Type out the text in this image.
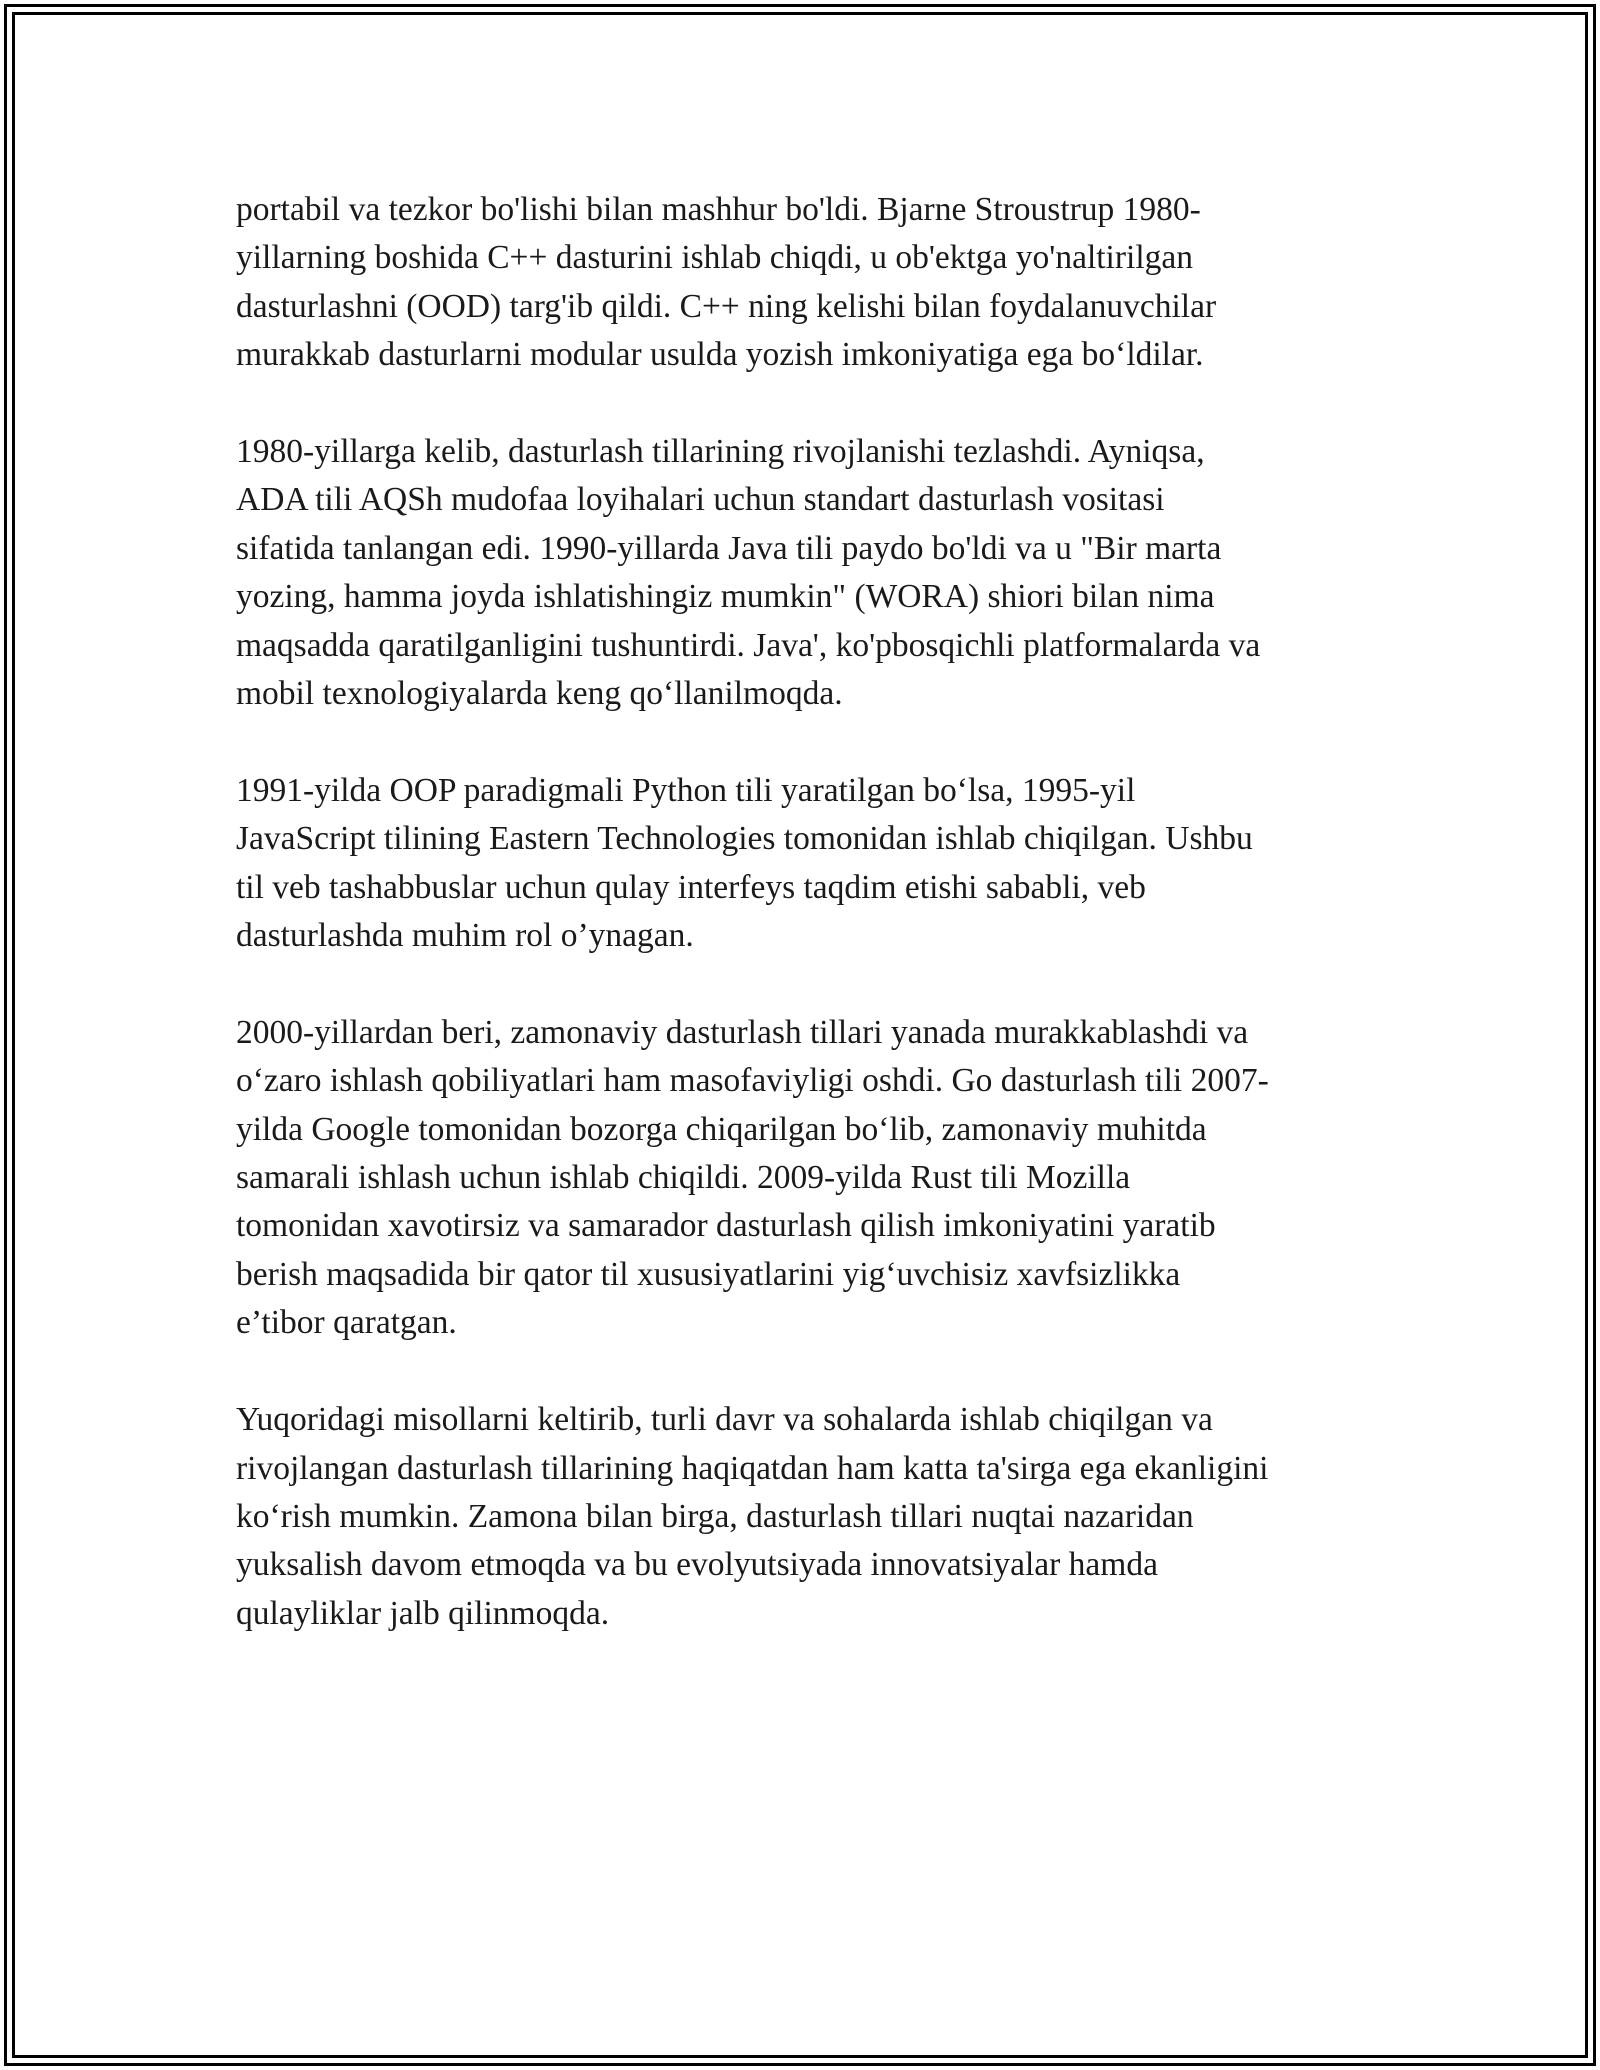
portabil va tezkor bo'lishi bilan mashhur bo'ldi. Bjarne Stroustrup 1980-
yillarning boshida C++ dasturini ishlab chiqdi, u ob'ektga yo'naltirilgan
dasturlashni (OOD) targ'ib qildi. C++ ning kelishi bilan foydalanuvchilar
murakkab dasturlarni modular usulda yozish imkoniyatiga ega bo‘ldilar.

1980-yillarga kelib, dasturlash tillarining rivojlanishi tezlashdi. Ayniqsa,
ADA tili AQSh mudofaa loyihalari uchun standart dasturlash vositasi
sifatida tanlangan edi. 1990-yillarda Java tili paydo bo'ldi va u "Bir marta
yozing, hamma joyda ishlatishingiz mumkin" (WORA) shiori bilan nima
maqsadda qaratilganligini tushuntirdi. Java', ko'pbosqichli platformalarda va
mobil texnologiyalarda keng qo‘llanilmoqda.

1991-yilda OOP paradigmali Python tili yaratilgan bo‘lsa, 1995-yil
JavaScript tilining Eastern Technologies tomonidan ishlab chiqilgan. Ushbu
til veb tashabbuslar uchun qulay interfeys taqdim etishi sababli, veb
dasturlashda muhim rol o’ynagan.

2000-yillardan beri, zamonaviy dasturlash tillari yanada murakkablashdi va
o‘zaro ishlash qobiliyatlari ham masofaviyligi oshdi. Go dasturlash tili 2007-
yilda Google tomonidan bozorga chiqarilgan bo‘lib, zamonaviy muhitda
samarali ishlash uchun ishlab chiqildi. 2009-yilda Rust tili Mozilla
tomonidan xavotirsiz va samarador dasturlash qilish imkoniyatini yaratib
berish maqsadida bir qator til xususiyatlarini yig‘uvchisiz xavfsizlikka
e’tibor qaratgan.

Yuqoridagi misollarni keltirib, turli davr va sohalarda ishlab chiqilgan va
rivojlangan dasturlash tillarining haqiqatdan ham katta ta'sirga ega ekanligini
ko‘rish mumkin. Zamona bilan birga, dasturlash tillari nuqtai nazaridan
yuksalish davom etmoqda va bu evolyutsiyada innovatsiyalar hamda
qulayliklar jalb qilinmoqda.
